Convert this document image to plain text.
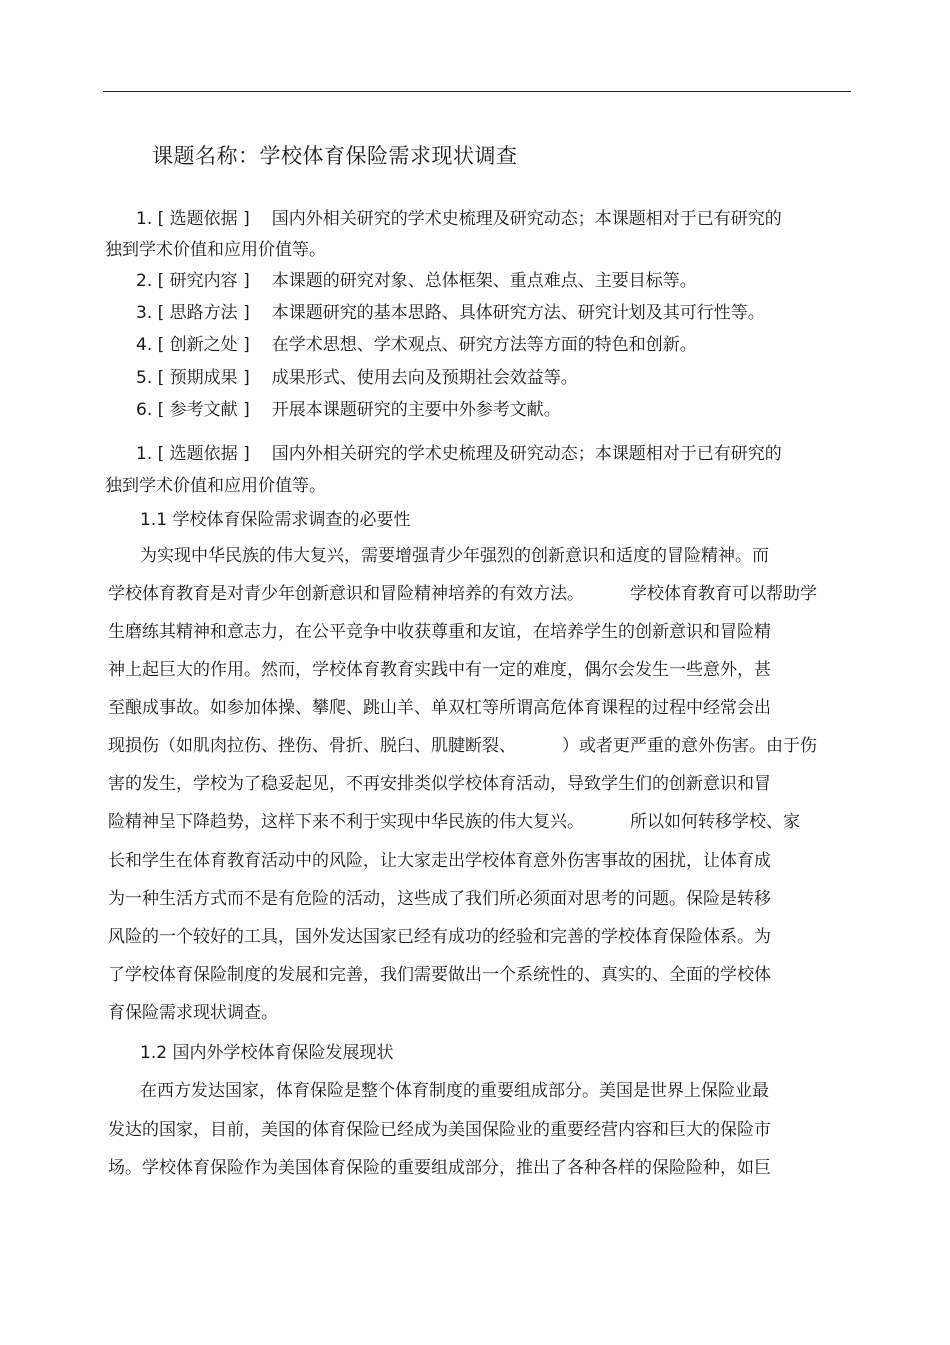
课题名称：学校体育保险需求现状调查
1. [ 选题依据 ] 国内外相关研究的学术史梳理及研究动态；本课题相对于已有研究的
独到学术价值和应用价值等。
2. [ 研究内容 ] 本课题的研究对象、总体框架、重点难点、主要目标等。
3. [ 思路方法 ] 本课题研究的基本思路、具体研究方法、研究计划及其可行性等。
4. [ 创新之处 ] 在学术思想、学术观点、研究方法等方面的特色和创新。
5. [ 预期成果 ] 成果形式、使用去向及预期社会效益等。
6. [ 参考文献 ] 开展本课题研究的主要中外参考文献。
1. [ 选题依据 ] 国内外相关研究的学术史梳理及研究动态；本课题相对于已有研究的
独到学术价值和应用价值等。
1.1 学校体育保险需求调查的必要性
为实现中华民族的伟大复兴，需要增强青少年强烈的创新意识和适度的冒险精神。而
学校体育教育是对青少年创新意识和冒险精神培养的有效方法。	学校体育教育可以帮助学
生磨练其精神和意志力，在公平竞争中收获尊重和友谊，在培养学生的创新意识和冒险精
神上起巨大的作用。然而，学校体育教育实践中有一定的难度，偶尔会发生一些意外，甚
至酿成事故。如参加体操、攀爬、跳山羊、单双杠等所谓高危体育课程的过程中经常会出
现损伤（如肌肉拉伤、挫伤、骨折、脱臼、肌腱断裂、	）或者更严重的意外伤害。由于伤
害的发生，学校为了稳妥起见，不再安排类似学校体育活动，导致学生们的创新意识和冒
险精神呈下降趋势，这样下来不利于实现中华民族的伟大复兴。	所以如何转移学校、家
长和学生在体育教育活动中的风险，让大家走出学校体育意外伤害事故的困扰，让体育成
为一种生活方式而不是有危险的活动，这些成了我们所必须面对思考的问题。保险是转移
风险的一个较好的工具，国外发达国家已经有成功的经验和完善的学校体育保险体系。为
了学校体育保险制度的发展和完善，我们需要做出一个系统性的、真实的、全面的学校体
育保险需求现状调查。
1.2 国内外学校体育保险发展现状
在西方发达国家，体育保险是整个体育制度的重要组成部分。美国是世界上保险业最
发达的国家，目前，美国的体育保险已经成为美国保险业的重要经营内容和巨大的保险市
场。学校体育保险作为美国体育保险的重要组成部分，推出了各种各样的保险险种，如巨
